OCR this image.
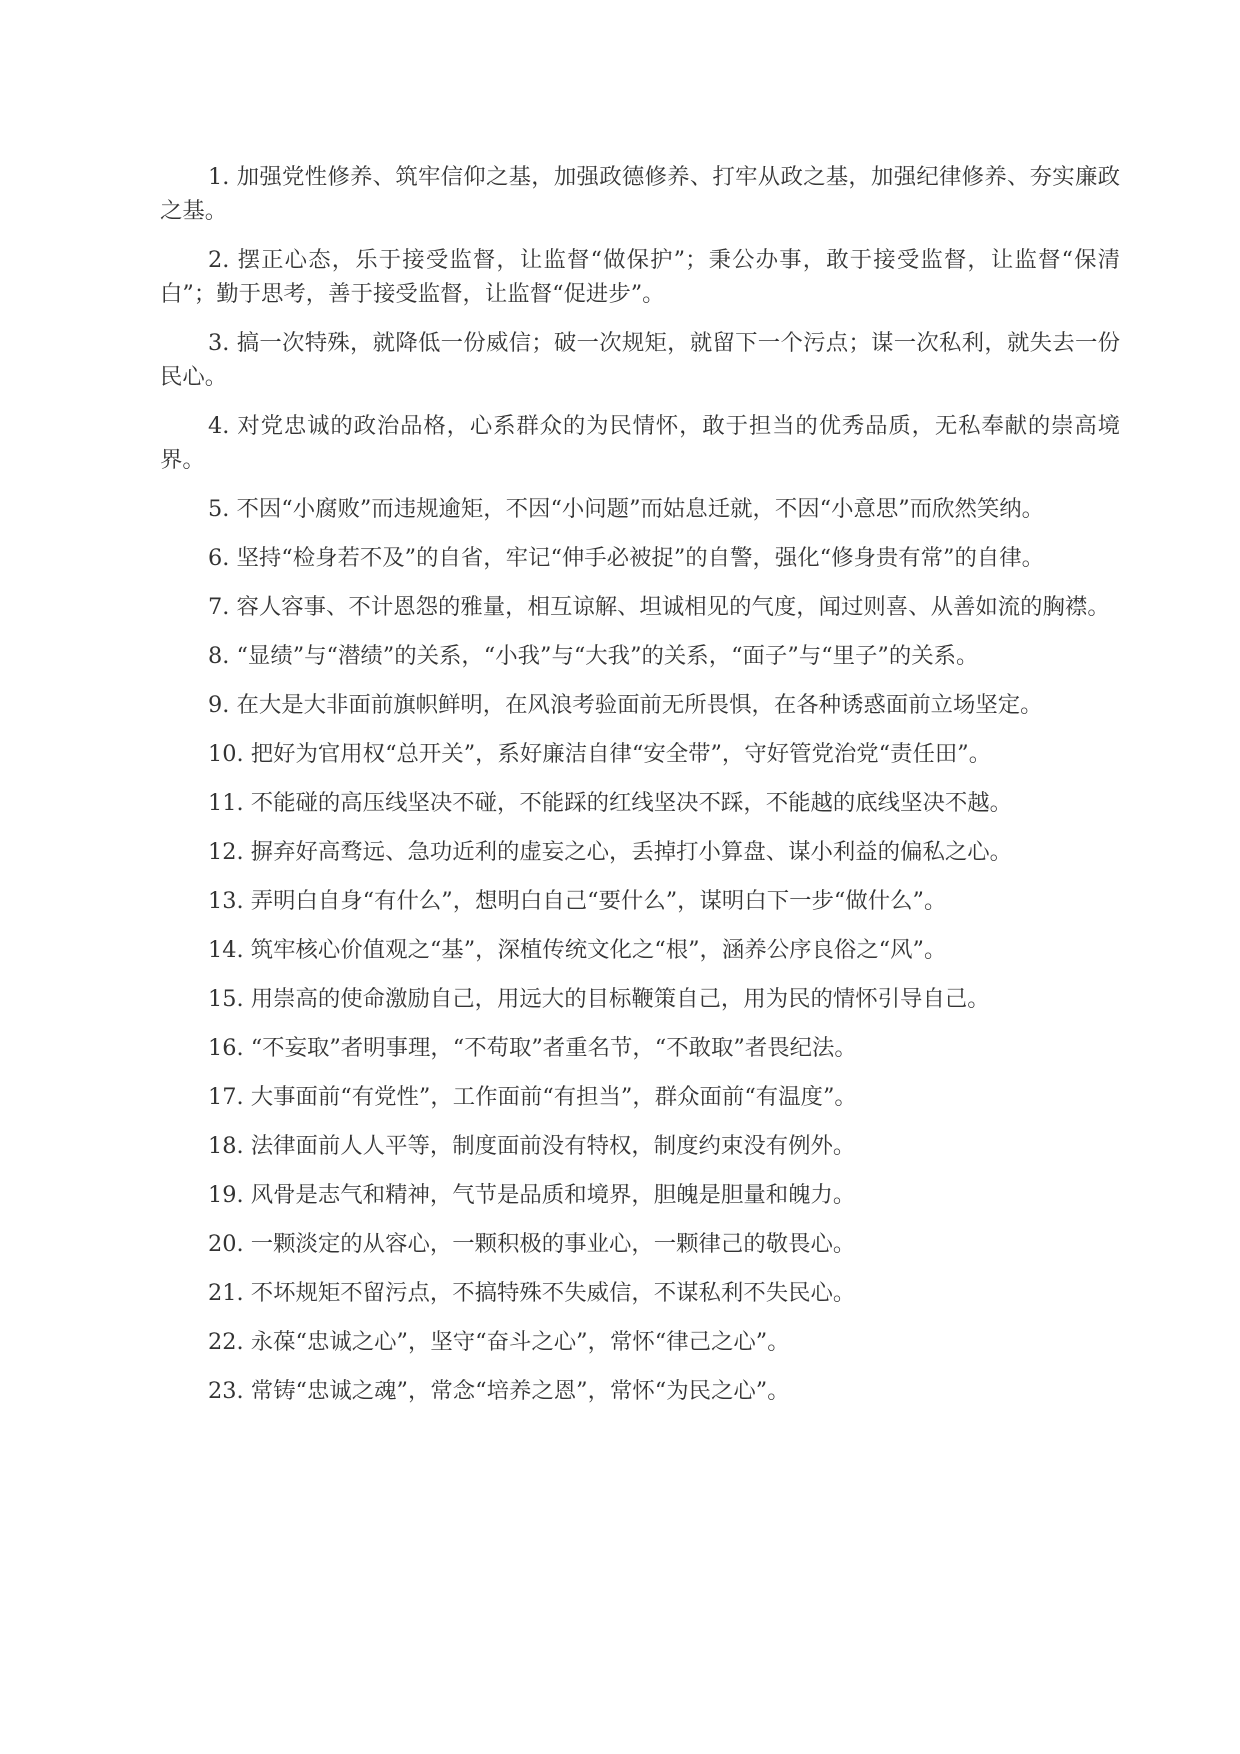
1. 加强党性修养、筑牢信仰之基，加强政德修养、打牢从政之基，加强纪律修养、夯实廉政之基。

2. 摆正心态，乐于接受监督，让监督“做保护”；秉公办事，敢于接受监督，让监督“保清白”；勤于思考，善于接受监督，让监督“促进步”。

3. 搞一次特殊，就降低一份威信；破一次规矩，就留下一个污点；谋一次私利，就失去一份民心。

4. 对党忠诚的政治品格，心系群众的为民情怀，敢于担当的优秀品质，无私奉献的崇高境界。

5. 不因“小腐败”而违规逾矩，不因“小问题”而姑息迁就，不因“小意思”而欣然笑纳。

6. 坚持“检身若不及”的自省，牢记“伸手必被捉”的自警，强化“修身贵有常”的自律。

7. 容人容事、不计恩怨的雅量，相互谅解、坦诚相见的气度，闻过则喜、从善如流的胸襟。

8. “显绩”与“潜绩”的关系，“小我”与“大我”的关系，“面子”与“里子”的关系。

9. 在大是大非面前旗帜鲜明，在风浪考验面前无所畏惧，在各种诱惑面前立场坚定。

10. 把好为官用权“总开关”，系好廉洁自律“安全带”，守好管党治党“责任田”。

11. 不能碰的高压线坚决不碰，不能踩的红线坚决不踩，不能越的底线坚决不越。

12. 摒弃好高骛远、急功近利的虚妄之心，丢掉打小算盘、谋小利益的偏私之心。

13. 弄明白自身“有什么”，想明白自己“要什么”，谋明白下一步“做什么”。

14. 筑牢核心价值观之“基”，深植传统文化之“根”，涵养公序良俗之“风”。

15. 用崇高的使命激励自己，用远大的目标鞭策自己，用为民的情怀引导自己。

16. “不妄取”者明事理，“不苟取”者重名节，“不敢取”者畏纪法。

17. 大事面前“有党性”，工作面前“有担当”，群众面前“有温度”。

18. 法律面前人人平等，制度面前没有特权，制度约束没有例外。

19. 风骨是志气和精神，气节是品质和境界，胆魄是胆量和魄力。

20. 一颗淡定的从容心，一颗积极的事业心，一颗律己的敬畏心。

21. 不坏规矩不留污点，不搞特殊不失威信，不谋私利不失民心。

22. 永葆“忠诚之心”，坚守“奋斗之心”，常怀“律己之心”。

23. 常铸“忠诚之魂”，常念“培养之恩”，常怀“为民之心”。
